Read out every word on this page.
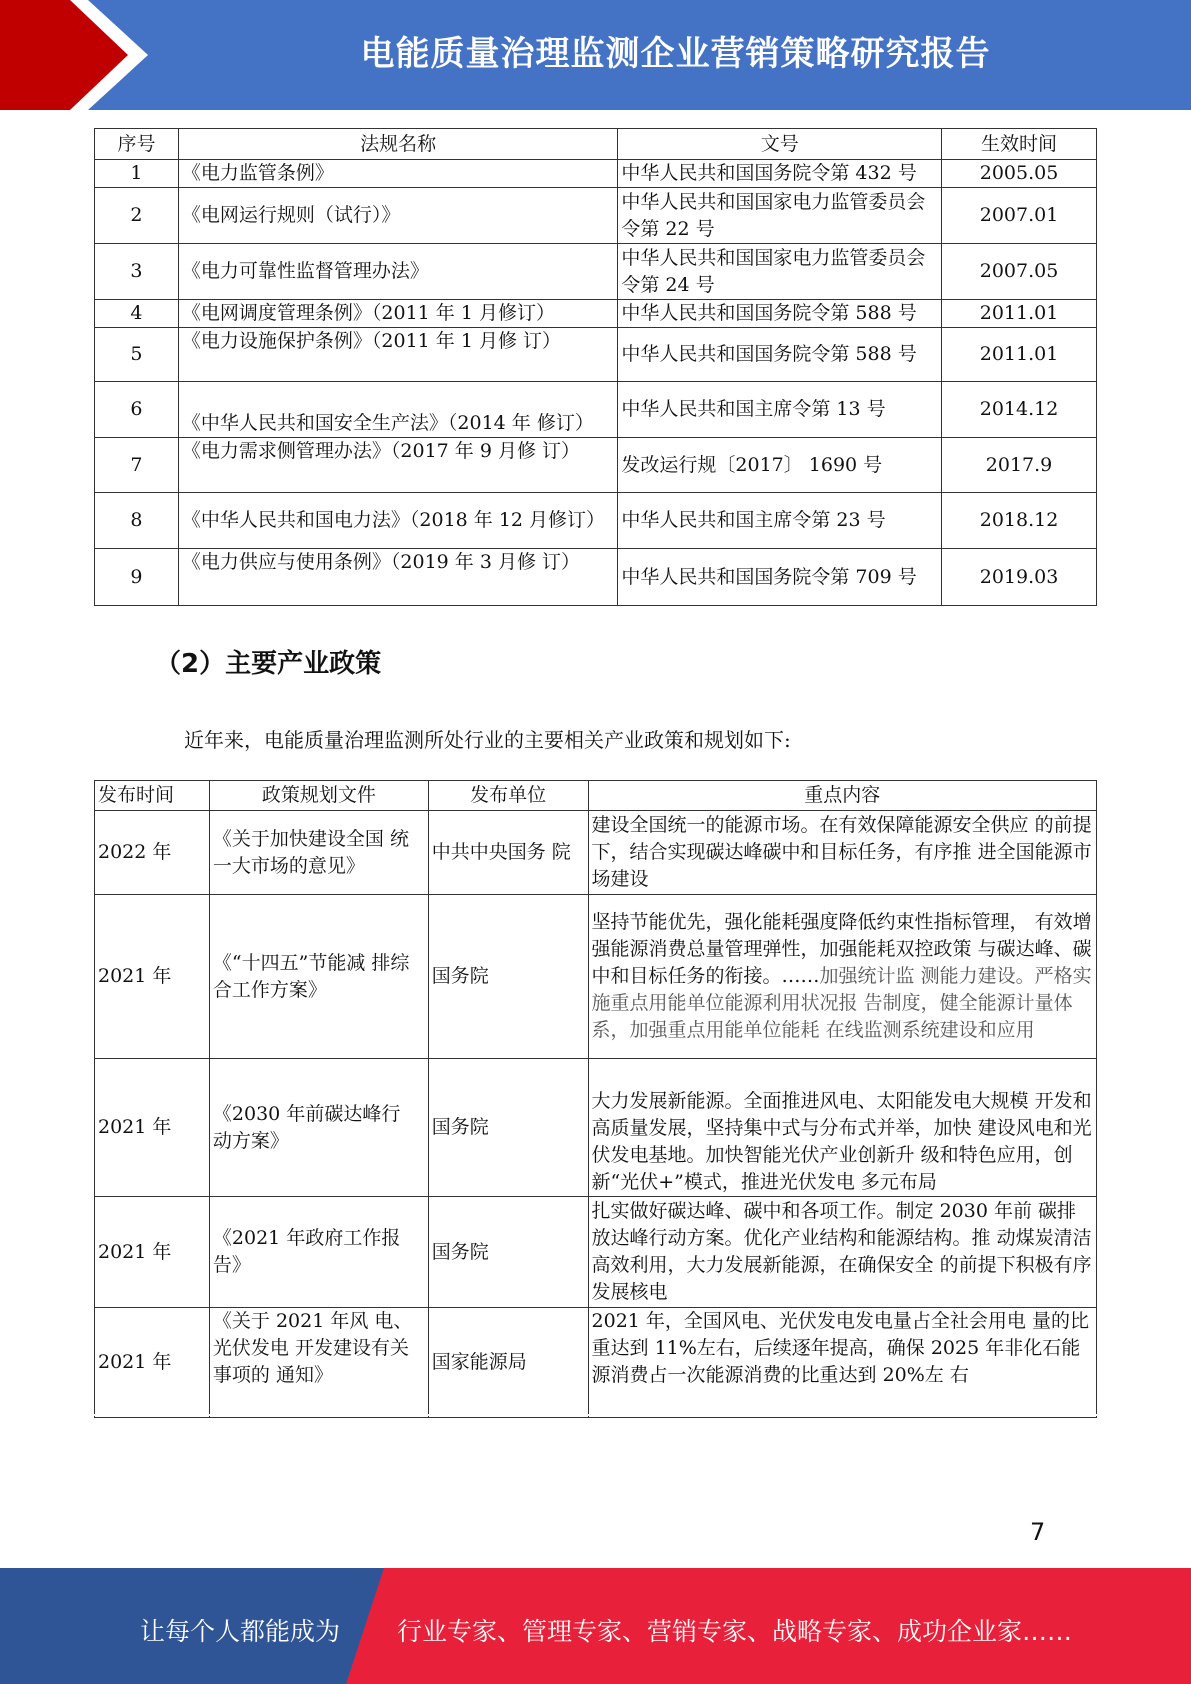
电能质量治理监测企业营销策略研究报告
序号	法规名称	文号	生效时间
1	《电力监管条例》	中华人民共和国国务院令第 432 号	2005.05
2	《电网运行规则（试行）》	中华人民共和国国家电力监管委员会令第 22 号	2007.01
3	《电力可靠性监督管理办法》	中华人民共和国国家电力监管委员会令第 24 号	2007.05
4	《电网调度管理条例》（2011 年 1 月修订）	中华人民共和国国务院令第 588 号	2011.01
5	《电力设施保护条例》（2011 年 1 月修 订）	中华人民共和国国务院令第 588 号	2011.01
6	《中华人民共和国安全生产法》（2014 年 修订）	中华人民共和国主席令第 13 号	2014.12
7	《电力需求侧管理办法》（2017 年 9 月修 订）	发改运行规〔2017〕 1690 号	2017.9
8	《中华人民共和国电力法》（2018 年 12 月修订）	中华人民共和国主席令第 23 号	2018.12
9	《电力供应与使用条例》（2019 年 3 月修 订）	中华人民共和国国务院令第 709 号	2019.03
（2）主要产业政策
近年来，电能质量治理监测所处行业的主要相关产业政策和规划如下:
发布时间	政策规划文件	发布单位	重点内容
2022 年	《关于加快建设全国 统一大市场的意见》	中共中央国务 院	建设全国统一的能源市场。在有效保障能源安全供应 的前提下，结合实现碳达峰碳中和目标任务，有序推 进全国能源市场建设
2021 年	《“十四五”节能减 排综合工作方案》	国务院	坚持节能优先，强化能耗强度降低约束性指标管理， 有效增强能源消费总量管理弹性，加强能耗双控政策 与碳达峰、碳中和目标任务的衔接。……加强统计监 测能力建设。严格实施重点用能单位能源利用状况报 告制度，健全能源计量体系，加强重点用能单位能耗 在线监测系统建设和应用
2021 年	《2030 年前碳达峰行 动方案》	国务院	大力发展新能源。全面推进风电、太阳能发电大规模 开发和高质量发展，坚持集中式与分布式并举，加快 建设风电和光伏发电基地。加快智能光伏产业创新升 级和特色应用，创新“光伏+”模式，推进光伏发电 多元布局
2021 年	《2021 年政府工作报告》	国务院	扎实做好碳达峰、碳中和各项工作。制定 2030 年前 碳排放达峰行动方案。优化产业结构和能源结构。推 动煤炭清洁高效利用，大力发展新能源，在确保安全 的前提下积极有序发展核电
2021 年	《关于 2021 年风 电、光伏发电 开发建设有关事项的 通知》	国家能源局	2021 年，全国风电、光伏发电发电量占全社会用电 量的比重达到 11%左右，后续逐年提高，确保 2025 年非化石能源消费占一次能源消费的比重达到 20%左 右
7
让每个人都能成为 行业专家、管理专家、营销专家、战略专家、成功企业家……
